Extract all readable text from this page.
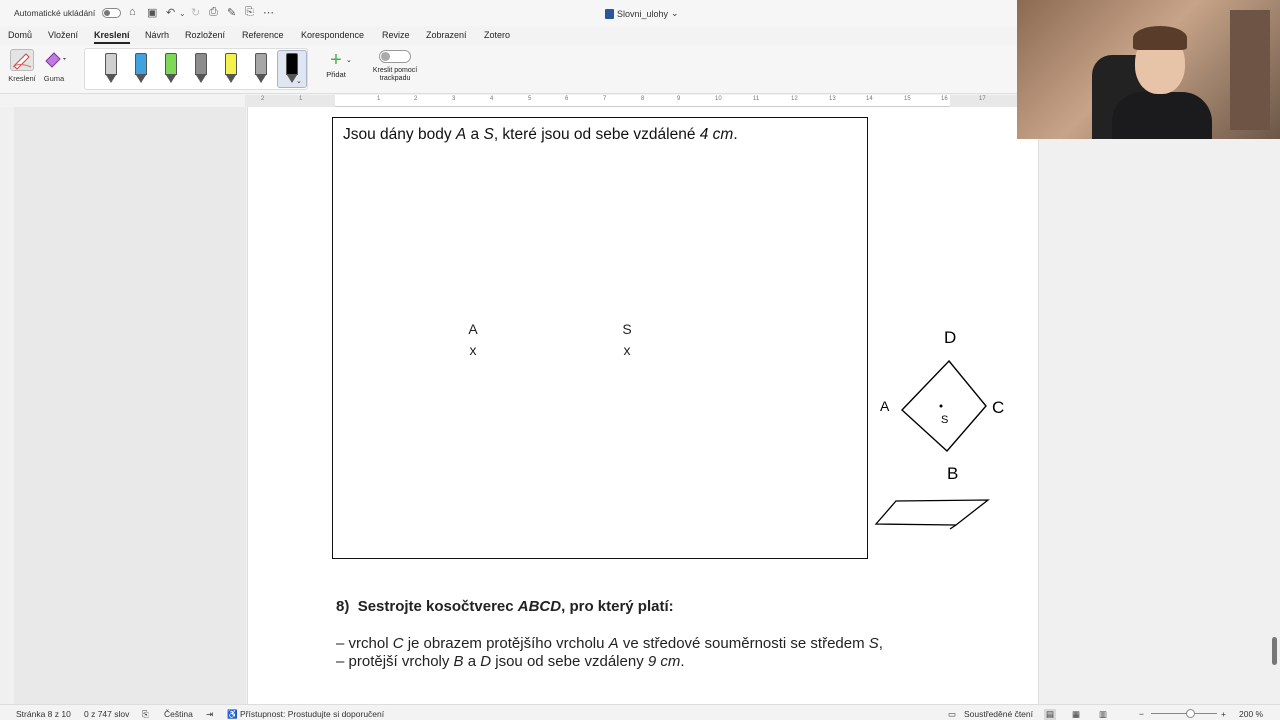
Automatické ukládání	⌂ ▣ ↶ ⌄ ↻ ⎙ ✎ ⎘ ⋯	Slovni_ulohy ⌄
Domů Vložení Kreslení Návrh Rozložení Reference Korespondence Revize Zobrazení Zotero
Kreslení	Guma	⌄
+ ⌄
Přidat	Kreslit pomocí
trackpadu
2	1	1	2	3	4	5	6	7	8	9	10	11	12	13	14	15	16	17
Jsou dány body A a S, které jsou od sebe vzdálené 4 cm.
A
x
S
x
8) Sestrojte kosočtverec ABCD, pro který platí:
– vrchol C je obrazem protějšího vrcholu A ve středové souměrnosti se středem S,
– protější vrcholy B a D jsou od sebe vzdáleny 9 cm.
D
A	C
B
S
Stránka 8 z 10 0 z 747 slov ⎘ Čeština ⇥ ♿ Přístupnost: Prostudujte si doporučení	▭ Soustředěné čtení ▤ ▦ ▥	−	+ 200 %
